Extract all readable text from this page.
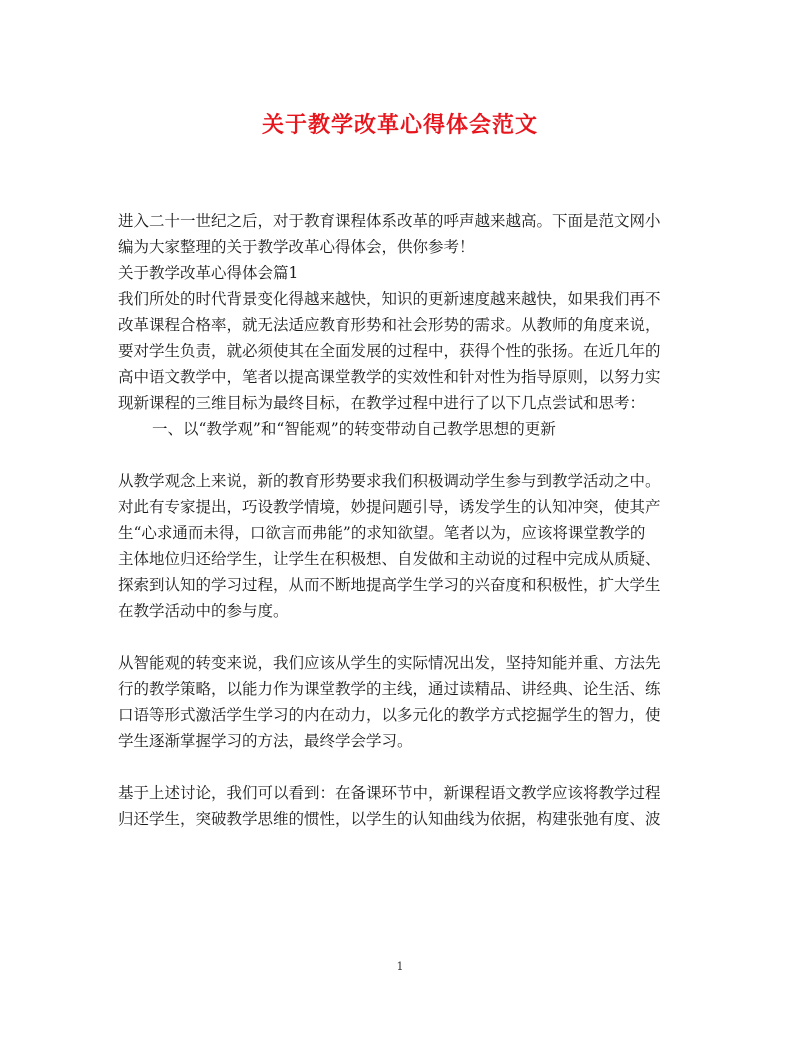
关于教学改革心得体会范文
进入二十一世纪之后，对于教育课程体系改革的呼声越来越高。下面是范文网小
编为大家整理的关于教学改革心得体会，供你参考！
关于教学改革心得体会篇1
我们所处的时代背景变化得越来越快，知识的更新速度越来越快，如果我们再不
改革课程合格率，就无法适应教育形势和社会形势的需求。从教师的角度来说，
要对学生负责，就必须使其在全面发展的过程中，获得个性的张扬。在近几年的
高中语文教学中，笔者以提高课堂教学的实效性和针对性为指导原则，以努力实
现新课程的三维目标为最终目标，在教学过程中进行了以下几点尝试和思考：
一、以“教学观”和“智能观”的转变带动自己教学思想的更新
从教学观念上来说，新的教育形势要求我们积极调动学生参与到教学活动之中。
对此有专家提出，巧设教学情境，妙提问题引导，诱发学生的认知冲突，使其产
生“心求通而未得，口欲言而弗能”的求知欲望。笔者以为，应该将课堂教学的
主体地位归还给学生，让学生在积极想、自发做和主动说的过程中完成从质疑、
探索到认知的学习过程，从而不断地提高学生学习的兴奋度和积极性，扩大学生
在教学活动中的参与度。
从智能观的转变来说，我们应该从学生的实际情况出发，坚持知能并重、方法先
行的教学策略，以能力作为课堂教学的主线，通过读精品、讲经典、论生活、练
口语等形式激活学生学习的内在动力，以多元化的教学方式挖掘学生的智力，使
学生逐渐掌握学习的方法，最终学会学习。
基于上述讨论，我们可以看到：在备课环节中，新课程语文教学应该将教学过程
归还学生，突破教学思维的惯性，以学生的认知曲线为依据，构建张弛有度、波
1
